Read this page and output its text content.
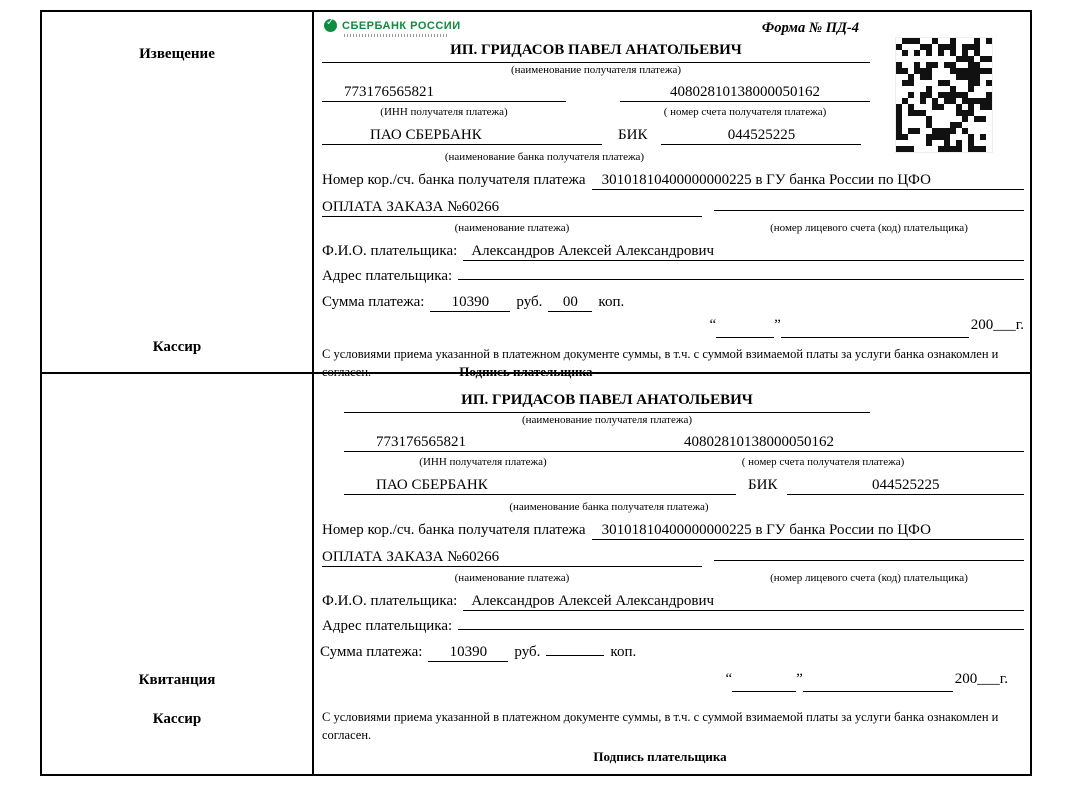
Извещение
Кассир
✓
СБЕРБАНК РОССИИ	Форма № ПД-4
ИП. ГРИДАСОВ ПАВЕЛ АНАТОЛЬЕВИЧ
(наименование получателя платежа)
773176565821	40802810138000050162
(ИНН получателя платежа)	( номер счета получателя платежа)
ПАО СБЕРБАНК	БИК	044525225
(наименование банка получателя платежа)
Номер кор./сч. банка получателя платежа	30101810400000000225 в ГУ банка России по ЦФО
ОПЛАТА ЗАКАЗА №60266
(наименование платежа)	(номер лицевого счета (код) плательщика)
Ф.И.О. плательщика: Александров Алексей Александрович
Адрес плательщика:
Сумма платежа:	10390	руб.	00	коп.
“	”	200___г.
С условиями приема указанной в платежном документе суммы, в т.ч. с суммой взимаемой платы за услуги банка ознакомлен и согласен.	Подпись плательщика
Квитанция
Кассир
ИП. ГРИДАСОВ ПАВЕЛ АНАТОЛЬЕВИЧ
(наименование получателя платежа)
773176565821	40802810138000050162
(ИНН получателя платежа)	( номер счета получателя платежа)
ПАО СБЕРБАНК	БИК	044525225
(наименование банка получателя платежа)
Номер кор./сч. банка получателя платежа	30101810400000000225 в ГУ банка России по ЦФО
ОПЛАТА ЗАКАЗА №60266
(наименование платежа)	(номер лицевого счета (код) плательщика)
Ф.И.О. плательщика: Александров Алексей Александрович
Адрес плательщика:
Сумма платежа:	10390	руб.	коп.
“	”	200___г.
С условиями приема указанной в платежном документе суммы, в т.ч. с суммой взимаемой платы за услуги банка ознакомлен и согласен.
Подпись плательщика
